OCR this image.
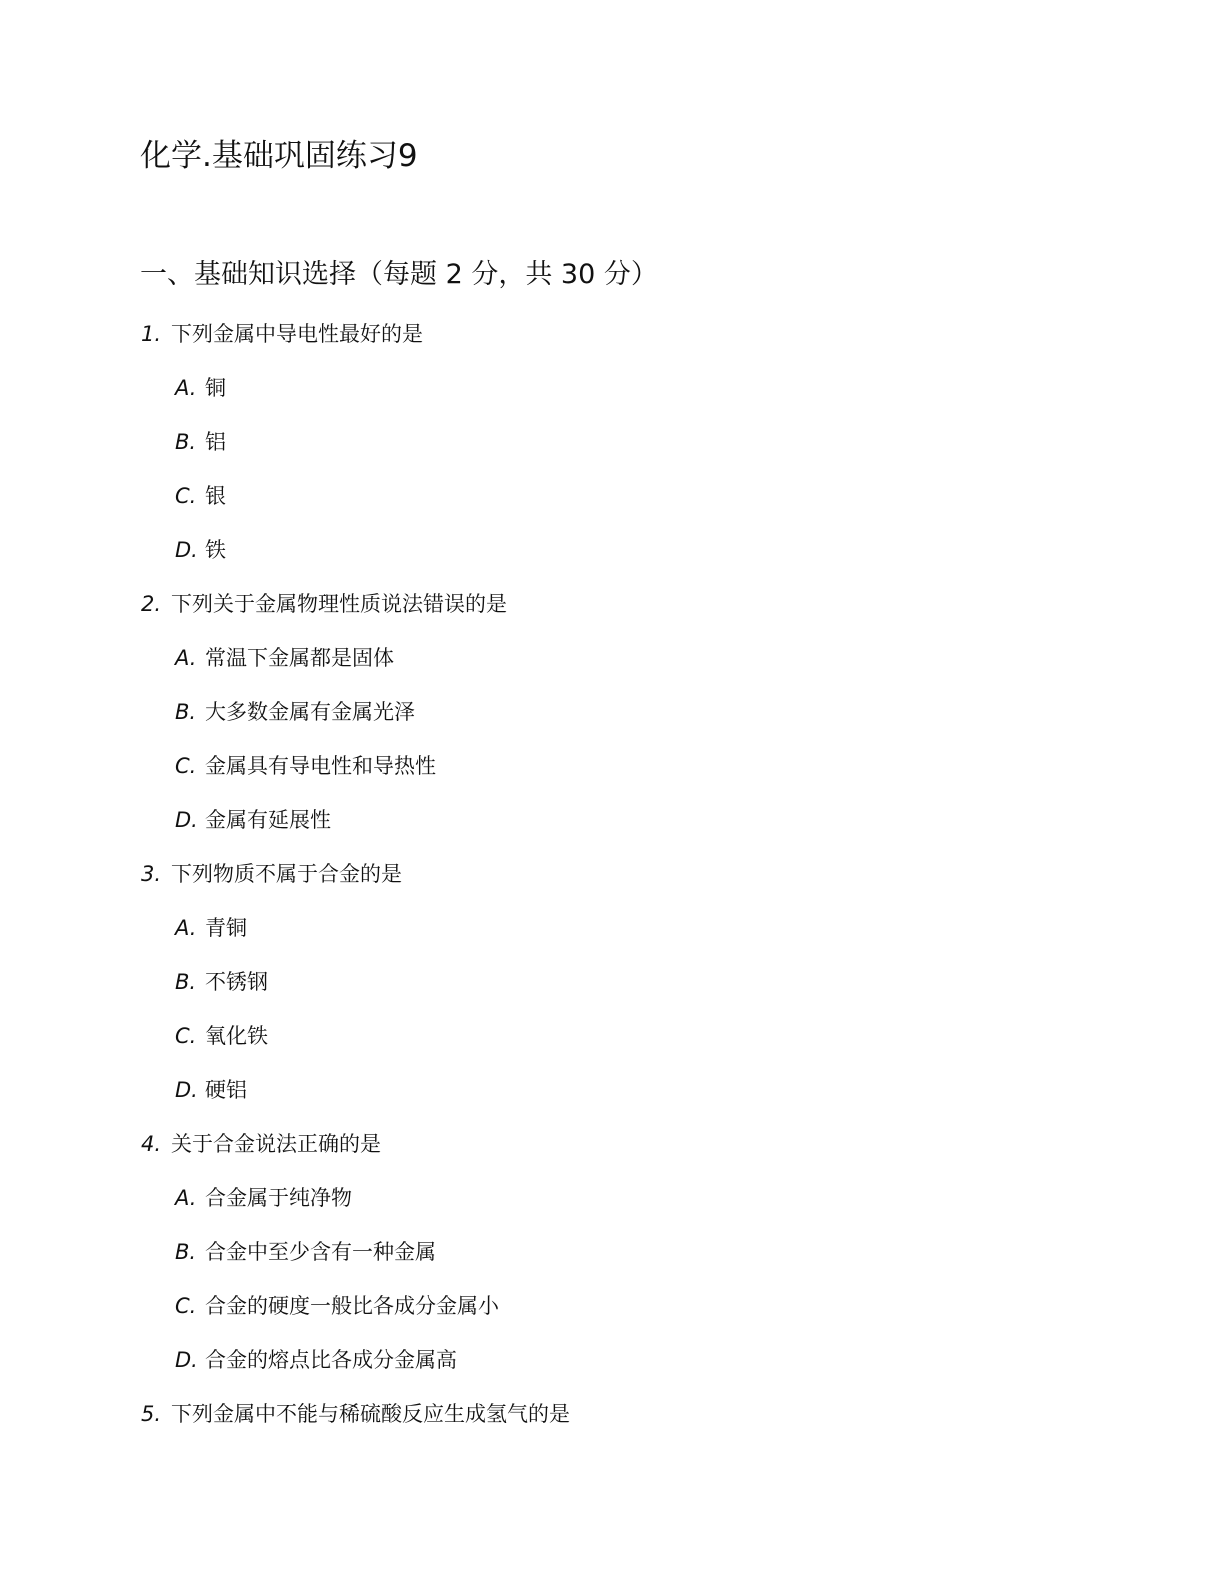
化学.基础巩固练习9
一、基础知识选择（每题 2 分，共 30 分）
1. 下列金属中导电性最好的是
A. 铜
B. 铝
C. 银
D. 铁
2. 下列关于金属物理性质说法错误的是
A. 常温下金属都是固体
B. 大多数金属有金属光泽
C. 金属具有导电性和导热性
D. 金属有延展性
3. 下列物质不属于合金的是
A. 青铜
B. 不锈钢
C. 氧化铁
D. 硬铝
4. 关于合金说法正确的是
A. 合金属于纯净物
B. 合金中至少含有一种金属
C. 合金的硬度一般比各成分金属小
D. 合金的熔点比各成分金属高
5. 下列金属中不能与稀硫酸反应生成氢气的是
